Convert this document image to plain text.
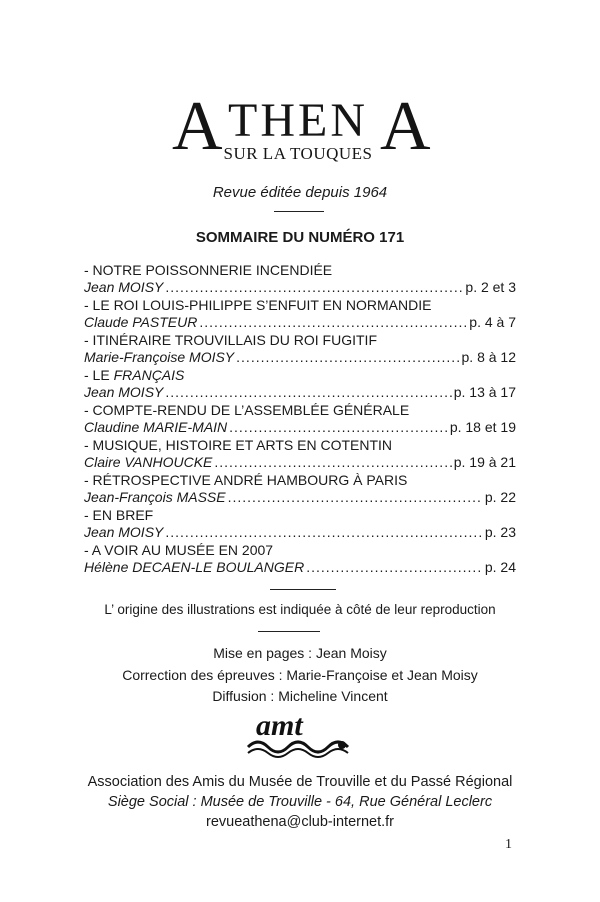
A THEN
SUR LA TOUQUES A
Revue éditée depuis 1964
SOMMAIRE DU NUMÉRO 171
- NOTRE POISSONNERIE INCENDIÉE
Jean MOISY .....	p. 2 et 3
- LE ROI LOUIS-PHILIPPE S’ENFUIT EN NORMANDIE
Claude PASTEUR .....	p. 4 à 7
- ITINÉRAIRE TROUVILLAIS DU ROI FUGITIF
Marie-Françoise MOISY .....	p. 8 à 12
- LE FRANÇAIS
Jean MOISY .....	p. 13 à 17
- COMPTE-RENDU DE L’ASSEMBLÉE GÉNÉRALE
Claudine MARIE-MAIN .....	p. 18 et 19
- MUSIQUE, HISTOIRE ET ARTS EN COTENTIN
Claire VANHOUCKE .....	p. 19 à 21
- RÉTROSPECTIVE ANDRÉ HAMBOURG À PARIS
Jean-François MASSE .....	p. 22
- EN BREF
Jean MOISY .....	p. 23
- A VOIR AU MUSÉE EN 2007
Hélène DECAEN-LE BOULANGER .....	p. 24
L’ origine des illustrations est indiquée à côté de leur reproduction
Mise en pages : Jean Moisy
Correction des épreuves : Marie-Françoise et Jean Moisy
Diffusion : Micheline Vincent
amt
Association des Amis du Musée de Trouville et du Passé Régional
Siège Social : Musée de Trouville - 64, Rue Général Leclerc
revueathena@club-internet.fr
1
